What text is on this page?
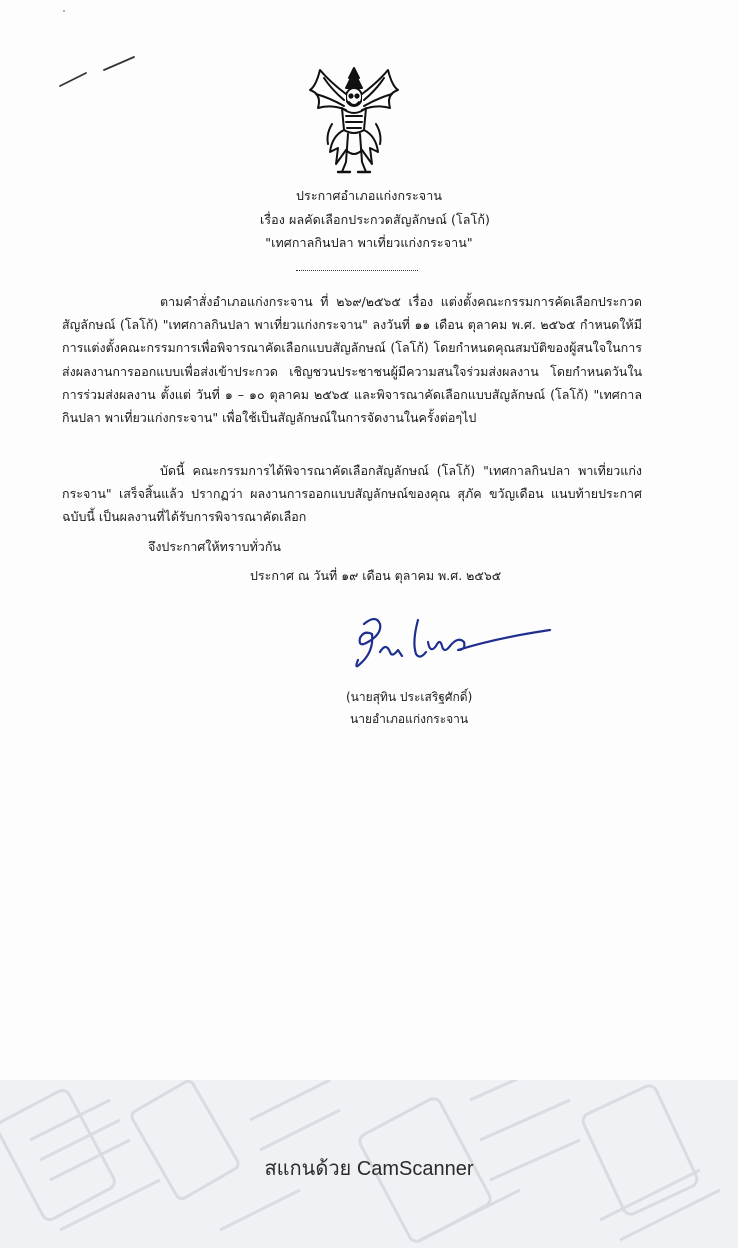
ประกาศอำเภอแก่งกระจาน
เรื่อง ผลคัดเลือกประกวดสัญลักษณ์ (โลโก้)
"เทศกาลกินปลา พาเที่ยวแก่งกระจาน"

ตามคำสั่งอำเภอแก่งกระจาน ที่ ๒๖๙/๒๕๖๕ เรื่อง แต่งตั้งคณะกรรมการคัดเลือกประกวด สัญลักษณ์ (โลโก้) "เทศกาลกินปลา พาเที่ยวแก่งกระจาน" ลงวันที่ ๑๑ เดือน ตุลาคม พ.ศ. ๒๕๖๕ กำหนดให้มีการแต่งตั้งคณะกรรมการเพื่อพิจารณาคัดเลือกแบบสัญลักษณ์ (โลโก้) โดยกำหนดคุณสมบัติของผู้สนใจในการส่งผลงานการออกแบบเพื่อส่งเข้าประกวด เชิญชวนประชาชนผู้มีความสนใจร่วมส่งผลงาน โดยกำหนดวันในการร่วมส่งผลงาน ตั้งแต่ วันที่ ๑ – ๑๐ ตุลาคม ๒๕๖๕ และพิจารณาคัดเลือกแบบสัญลักษณ์ (โลโก้) "เทศกาลกินปลา พาเที่ยวแก่งกระจาน" เพื่อใช้เป็นสัญลักษณ์ในการจัดงานในครั้งต่อๆไป

บัดนี้ คณะกรรมการได้พิจารณาคัดเลือกสัญลักษณ์ (โลโก้) "เทศกาลกินปลา พาเที่ยวแก่ง กระจาน" เสร็จสิ้นแล้ว ปรากฏว่า ผลงานการออกแบบสัญลักษณ์ของคุณ สุภัค ขวัญเดือน แนบท้ายประกาศ ฉบับนี้ เป็นผลงานที่ได้รับการพิจารณาคัดเลือก

จึงประกาศให้ทราบทั่วกัน
ประกาศ ณ วันที่ ๑๙ เดือน ตุลาคม พ.ศ. ๒๕๖๕
(นายสุทิน ประเสริฐศักดิ์)
นายอำเภอแก่งกระจาน
สแกนด้วย CamScanner
